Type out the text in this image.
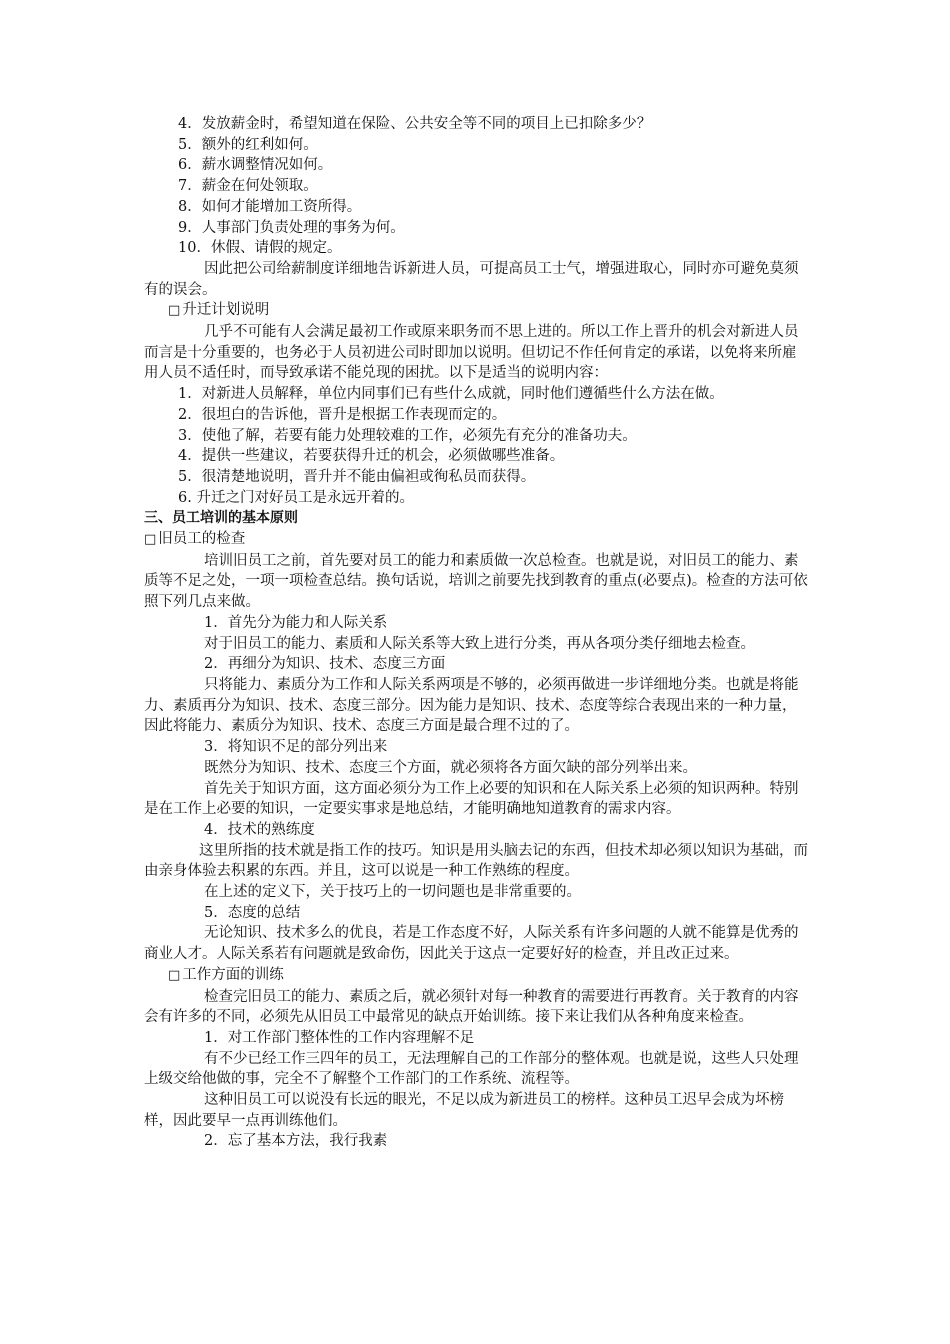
4．发放薪金时，希望知道在保险、公共安全等不同的项目上已扣除多少？

5．额外的红利如何。

6．薪水调整情况如何。

7．薪金在何处领取。

8．如何才能增加工资所得。

9．人事部门负责处理的事务为何。

10．休假、请假的规定。

因此把公司给薪制度详细地告诉新进人员，可提高员工士气，增强进取心，同时亦可避免莫须有的误会。

□ 升迁计划说明

几乎不可能有人会满足最初工作或原来职务而不思上进的。所以工作上晋升的机会对新进人员而言是十分重要的，也务必于人员初进公司时即加以说明。但切记不作任何肯定的承诺，以免将来所雇用人员不适任时，而导致承诺不能兑现的困扰。以下是适当的说明内容：

1．对新进人员解释，单位内同事们已有些什么成就，同时他们遵循些什么方法在做。

2．很坦白的告诉他，晋升是根据工作表现而定的。

3．使他了解，若要有能力处理较难的工作，必须先有充分的准备功夫。

4．提供一些建议，若要获得升迁的机会，必须做哪些准备。

5．很清楚地说明，晋升并不能由偏袒或徇私员而获得。

6. 升迁之门对好员工是永远开着的。

三、员工培训的基本原则

□ 旧员工的检查

培训旧员工之前，首先要对员工的能力和素质做一次总检查。也就是说，对旧员工的能力、素质等不足之处，一项一项检查总结。换句话说，培训之前要先找到教育的重点(必要点)。检查的方法可依照下列几点来做。

1．首先分为能力和人际关系

对于旧员工的能力、素质和人际关系等大致上进行分类，再从各项分类仔细地去检查。

2．再细分为知识、技术、态度三方面

只将能力、素质分为工作和人际关系两项是不够的，必须再做进一步详细地分类。也就是将能力、素质再分为知识、技术、态度三部分。因为能力是知识、技术、态度等综合表现出来的一种力量，因此将能力、素质分为知识、技术、态度三方面是最合理不过的了。

3．将知识不足的部分列出来

既然分为知识、技术、态度三个方面，就必须将各方面欠缺的部分列举出来。

首先关于知识方面，这方面必须分为工作上必要的知识和在人际关系上必须的知识两种。特别是在工作上必要的知识，一定要实事求是地总结，才能明确地知道教育的需求内容。

4．技术的熟练度

这里所指的技术就是指工作的技巧。知识是用头脑去记的东西，但技术却必须以知识为基础，而由亲身体验去积累的东西。并且，这可以说是一种工作熟练的程度。

在上述的定义下，关于技巧上的一切问题也是非常重要的。

5．态度的总结

无论知识、技术多么的优良，若是工作态度不好，人际关系有许多问题的人就不能算是优秀的商业人才。人际关系若有问题就是致命伤，因此关于这点一定要好好的检查，并且改正过来。

□ 工作方面的训练

检查完旧员工的能力、素质之后，就必须针对每一种教育的需要进行再教育。关于教育的内容会有许多的不同，必须先从旧员工中最常见的缺点开始训练。接下来让我们从各种角度来检查。

1．对工作部门整体性的工作内容理解不足

有不少已经工作三四年的员工，无法理解自己的工作部分的整体观。也就是说，这些人只处理上级交给他做的事，完全不了解整个工作部门的工作系统、流程等。

这种旧员工可以说没有长远的眼光，不足以成为新进员工的榜样。这种员工迟早会成为坏榜样，因此要早一点再训练他们。

2．忘了基本方法，我行我素
